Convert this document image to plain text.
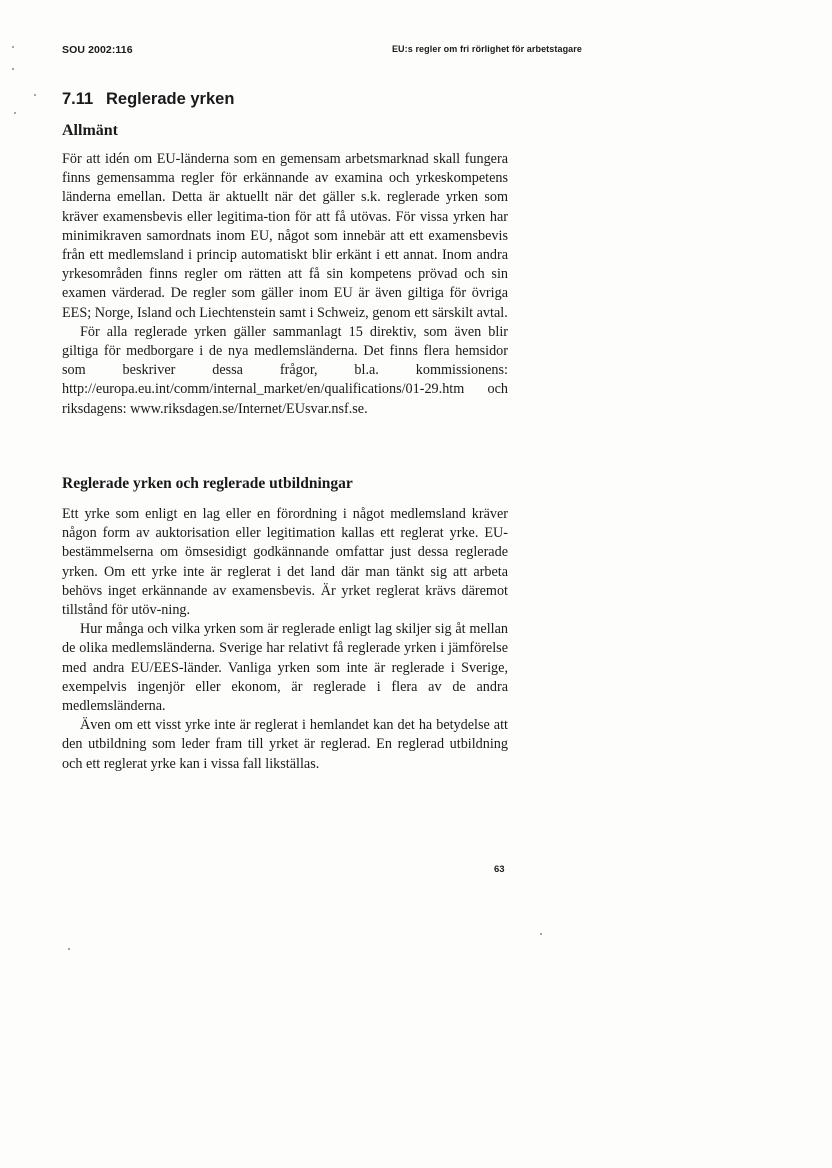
SOU 2002:116	EU:s regler om fri rörlighet för arbetstagare
7.11 Reglerade yrken
Allmänt

För att idén om EU-länderna som en gemensam arbetsmarknad skall fungera finns gemensamma regler för erkännande av examina och yrkeskompetens länderna emellan. Detta är aktuellt när det gäller s.k. reglerade yrken som kräver examensbevis eller legitima-tion för att få utövas. För vissa yrken har minimikraven samordnats inom EU, något som innebär att ett examensbevis från ett medlemsland i princip automatiskt blir erkänt i ett annat. Inom andra yrkesområden finns regler om rätten att få sin kompetens prövad och sin examen värderad. De regler som gäller inom EU är även giltiga för övriga EES; Norge, Island och Liechtenstein samt i Schweiz, genom ett särskilt avtal.

För alla reglerade yrken gäller sammanlagt 15 direktiv, som även blir giltiga för medborgare i de nya medlemsländerna. Det finns flera hemsidor som beskriver dessa frågor, bl.a. kommissionens: http://europa.eu.int/comm/internal_market/en/qualifications/01-29.htm och riksdagens: www.riksdagen.se/Internet/EUsvar.nsf.se.

Reglerade yrken och reglerade utbildningar

Ett yrke som enligt en lag eller en förordning i något medlemsland kräver någon form av auktorisation eller legitimation kallas ett reglerat yrke. EU-bestämmelserna om ömsesidigt godkännande omfattar just dessa reglerade yrken. Om ett yrke inte är reglerat i det land där man tänkt sig att arbeta behövs inget erkännande av examensbevis. Är yrket reglerat krävs däremot tillstånd för utöv-ning.

Hur många och vilka yrken som är reglerade enligt lag skiljer sig åt mellan de olika medlemsländerna. Sverige har relativt få reglerade yrken i jämförelse med andra EU/EES-länder. Vanliga yrken som inte är reglerade i Sverige, exempelvis ingenjör eller ekonom, är reglerade i flera av de andra medlemsländerna.

Även om ett visst yrke inte är reglerat i hemlandet kan det ha betydelse att den utbildning som leder fram till yrket är reglerad. En reglerad utbildning och ett reglerat yrke kan i vissa fall likställas.

63
